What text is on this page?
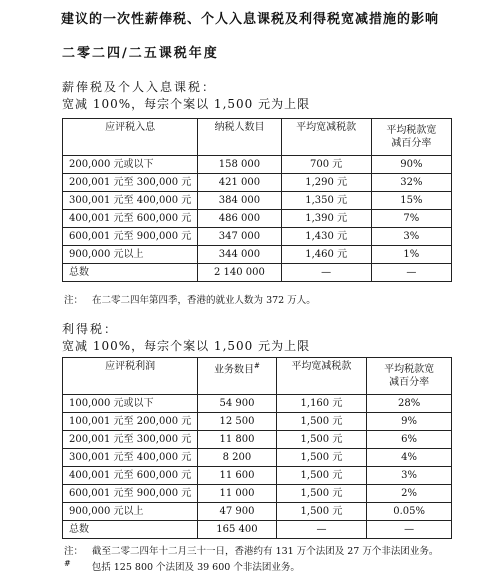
建议的一次性薪俸税、个人入息课税及利得税宽减措施的影响
二零二四/二五课税年度
薪俸税及个人入息课税：
宽减 100%，每宗个案以 1,500 元为上限
应评税入息	纳税人数目	平均宽减税款	平均税款宽减百分率
200,000 元或以下	158 000	700 元	90%
200,001 元至 300,000 元	421 000	1,290 元	32%
300,001 元至 400,000 元	384 000	1,350 元	15%
400,001 元至 600,000 元	486 000	1,390 元	7%
600,001 元至 900,000 元	347 000	1,430 元	3%
900,000 元以上	344 000	1,460 元	1%
总数	2 140 000	—	—
注： 在二零二四年第四季，香港的就业人数为 372 万人。
利得税：
宽减 100%，每宗个案以 1,500 元为上限
应评税利润	业务数目#	平均宽减税款	平均税款宽减百分率
100,000 元或以下	54 900	1,160 元	28%
100,001 元至 200,000 元	12 500	1,500 元	9%
200,001 元至 300,000 元	11 800	1,500 元	6%
300,001 元至 400,000 元	8 200	1,500 元	4%
400,001 元至 600,000 元	11 600	1,500 元	3%
600,001 元至 900,000 元	11 000	1,500 元	2%
900,000 元以上	47 900	1,500 元	0.05%
总数	165 400	—	—
注： 截至二零二四年十二月三十一日，香港约有 131 万个法团及 27 万个非法团业务。
# 包括 125 800 个法团及 39 600 个非法团业务。
